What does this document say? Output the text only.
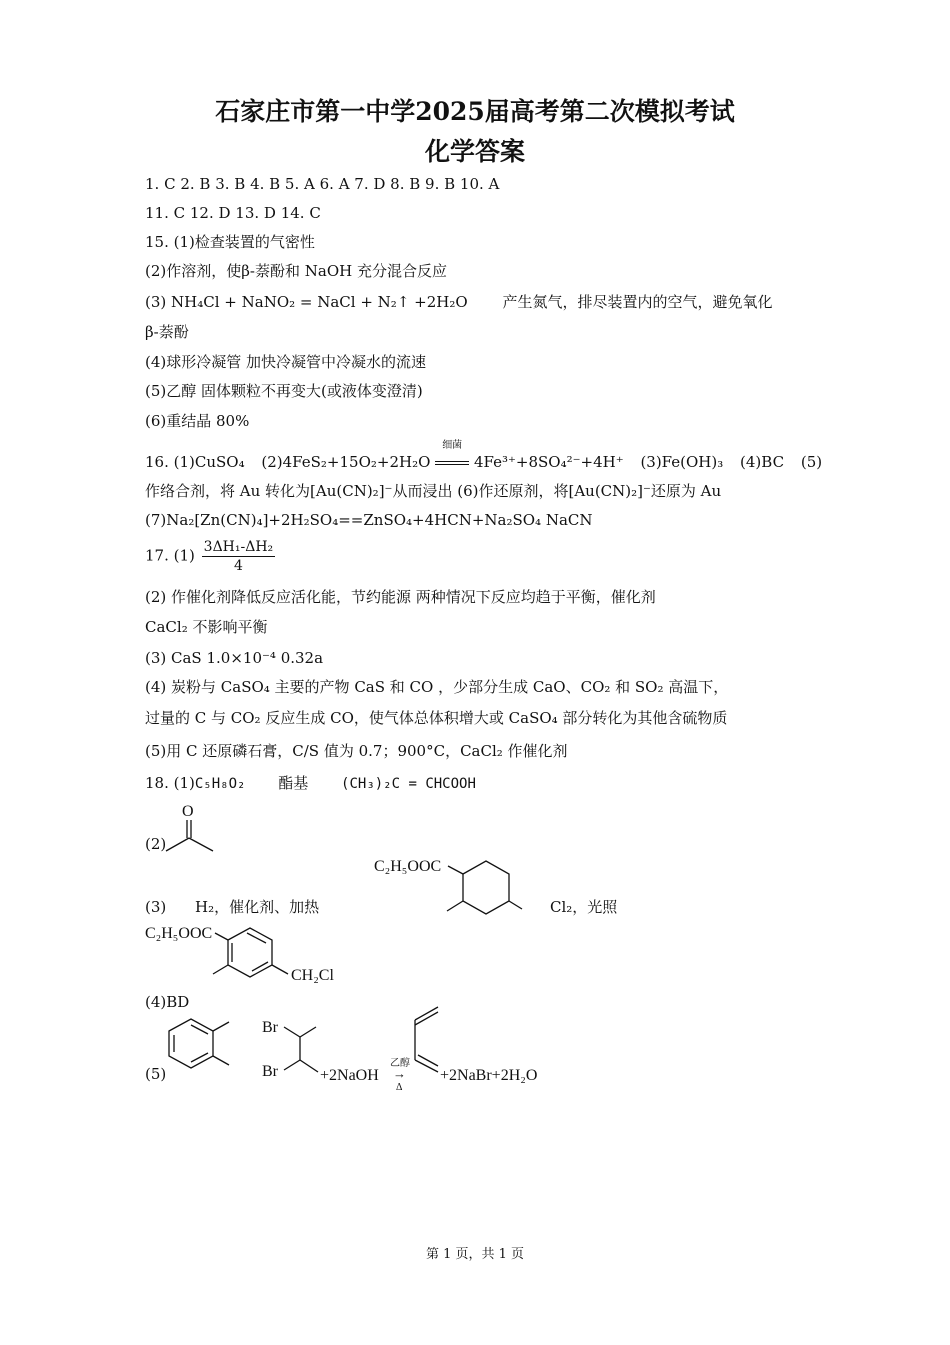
石家庄市第一中学2025届高考第二次模拟考试
化学答案
1. C 2. B 3. B 4. B 5. A 6. A 7. D 8. B 9. B 10. A
11. C 12. D 13. D 14. C
15. (1)检查装置的气密性
(2)作溶剂，使β-萘酚和 NaOH 充分混合反应
(3) NH₄Cl + NaNO₂ = NaCl + N₂↑ +2H₂O 产生氮气，排尽装置内的空气，避免氧化
β-萘酚
(4)球形冷凝管 加快冷凝管中冷凝水的流速
(5)乙醇 固体颗粒不再变大(或液体变澄清)
(6)重结晶 80%
16. (1)CuSO₄ (2)4FeS₂+15O₂+2H₂O
细菌
4Fe³⁺+8SO₄²⁻+4H⁺ (3)Fe(OH)₃ (4)BC (5)
作络合剂，将 Au 转化为[Au(CN)₂]⁻从而浸出 (6)作还原剂，将[Au(CN)₂]⁻还原为 Au
(7)Na₂[Zn(CN)₄]+2H₂SO₄==ZnSO₄+4HCN+Na₂SO₄ NaCN
17. $(1) \frac{\text{3ΔH₁-ΔH₂}}{4}$
(2) 作催化剂降低反应活化能，节约能源 两种情况下反应均趋于平衡，催化剂
CaCl₂ 不影响平衡
(3) CaS 1.0×10⁻⁴ 0.32a
(4) 炭粉与 CaSO₄ 主要的产物 CaS 和 CO ，少部分生成 CaO、CO₂ 和 SO₂ 高温下，
过量的 C 与 CO₂ 反应生成 CO，使气体总体积增大或 CaSO₄ 部分转化为其他含硫物质
(5)用 C 还原磷石膏，C/S 值为 0.7；900°C，CaCl₂ 作催化剂
18. (1)C₅H₈O₂ 酯基 (CH₃)₂C = CHCOOH
(2)
O
(3) H₂，催化剂、加热
C₂H₅OOC
Cl₂，光照
C₂H₅OOC
CH₂Cl
(4)BD
(5)
Br
Br	+2NaOH
乙醇
→
Δ
+2NaBr+2H₂O
第 1 页，共 1 页
